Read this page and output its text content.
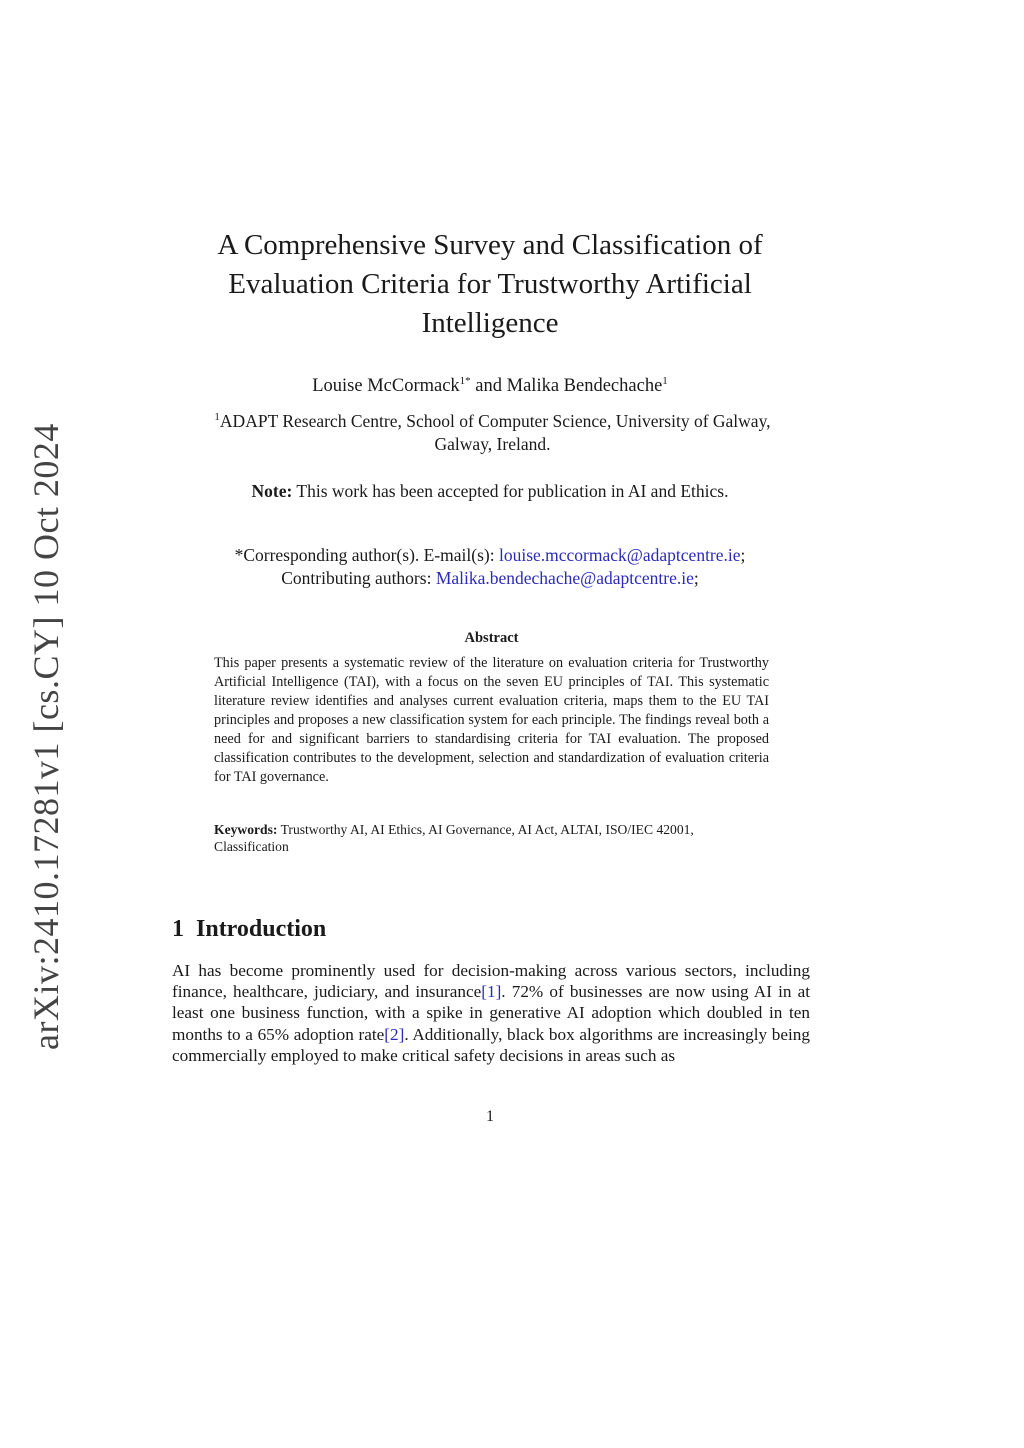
arXiv:2410.17281v1 [cs.CY] 10 Oct 2024
A Comprehensive Survey and Classification of Evaluation Criteria for Trustworthy Artificial Intelligence
Louise McCormack$^{1*}$ and Malika Bendechache$^1$
$^1$ADAPT Research Centre, School of Computer Science, University of Galway, Galway, Ireland.
Note: This work has been accepted for publication in AI and Ethics.
*Corresponding author(s). E-mail(s): louise.mccormack@adaptcentre.ie;
Contributing authors: Malika.bendechache@adaptcentre.ie;
Abstract

This paper presents a systematic review of the literature on evaluation criteria for Trustworthy Artificial Intelligence (TAI), with a focus on the seven EU principles of TAI. This systematic literature review identifies and analyses current evaluation criteria, maps them to the EU TAI principles and proposes a new classification system for each principle. The findings reveal both a need for and significant barriers to standardising criteria for TAI evaluation. The proposed classification contributes to the development, selection and standardization of evaluation criteria for TAI governance.

Keywords: Trustworthy AI, AI Ethics, AI Governance, AI Act, ALTAI, ISO/IEC 42001, Classification
1 Introduction

AI has become prominently used for decision-making across various sectors, including finance, healthcare, judiciary, and insurance[1]. 72% of businesses are now using AI in at least one business function, with a spike in generative AI adoption which doubled in ten months to a 65% adoption rate[2]. Additionally, black box algorithms are increasingly being commercially employed to make critical safety decisions in areas such as

1
